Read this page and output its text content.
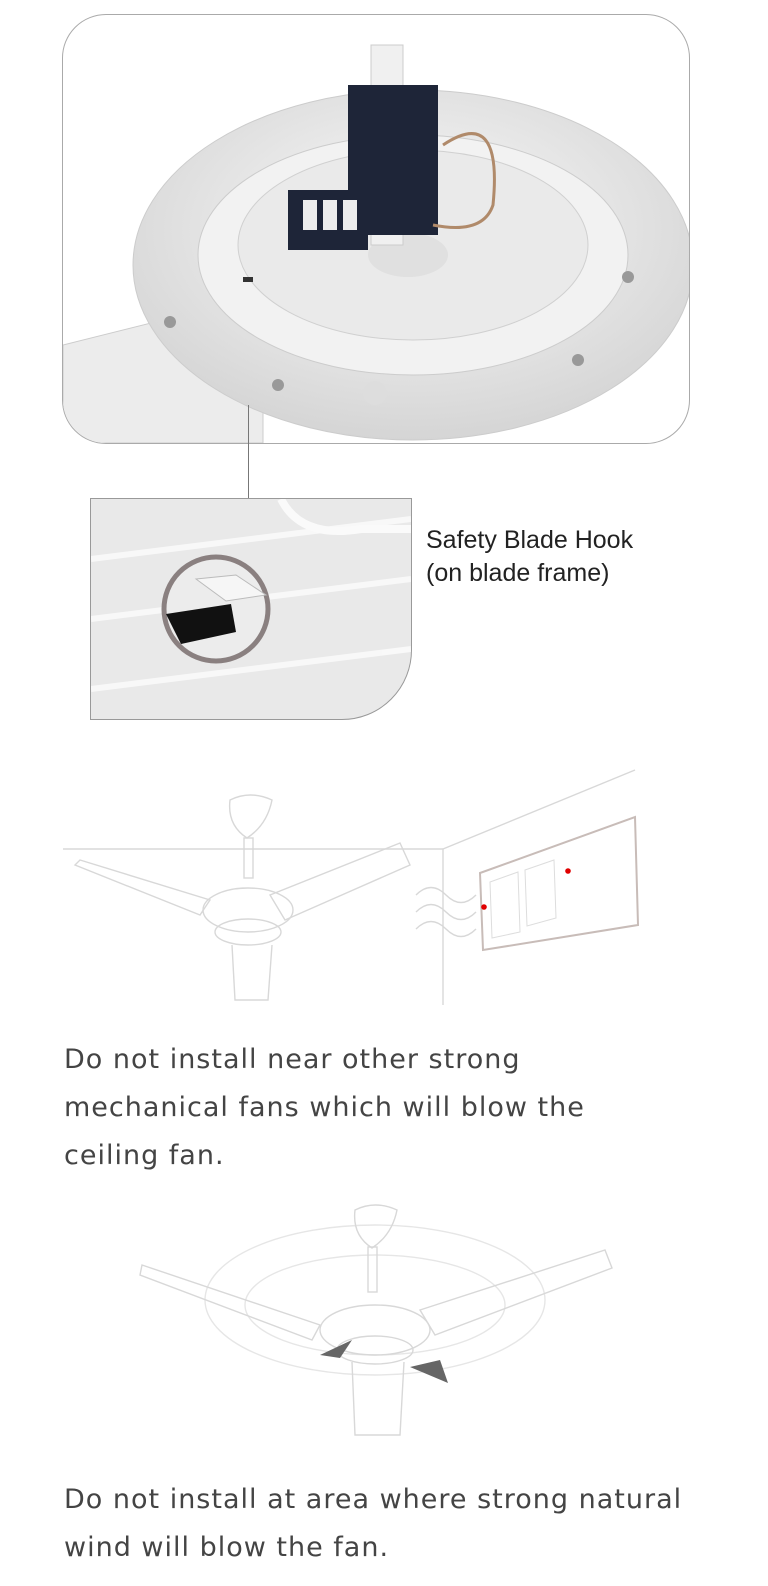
Safety Blade Hook
(on blade frame)
Do not install near other strong mechanical fans which will blow the ceiling fan.
Do not install at area where strong natural wind will blow the fan.
